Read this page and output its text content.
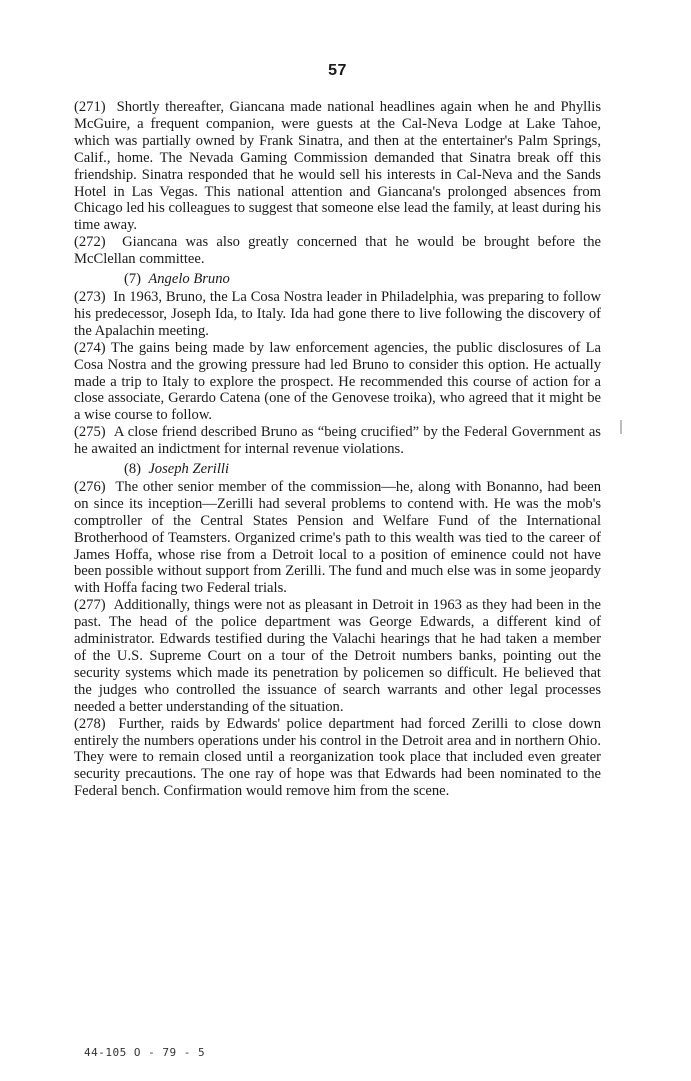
57

(271) Shortly thereafter, Giancana made national headlines again when he and Phyllis McGuire, a frequent companion, were guests at the Cal-Neva Lodge at Lake Tahoe, which was partially owned by Frank Sinatra, and then at the entertainer's Palm Springs, Calif., home. The Nevada Gaming Commission demanded that Sinatra break off this friendship. Sinatra responded that he would sell his interests in Cal-Neva and the Sands Hotel in Las Vegas. This national attention and Giancana's prolonged absences from Chicago led his colleagues to suggest that someone else lead the family, at least during his time away.

(272) Giancana was also greatly concerned that he would be brought before the McClellan committee.

(7) Angelo Bruno

(273) In 1963, Bruno, the La Cosa Nostra leader in Philadelphia, was preparing to follow his predecessor, Joseph Ida, to Italy. Ida had gone there to live following the discovery of the Apalachin meeting.

(274) The gains being made by law enforcement agencies, the public disclosures of La Cosa Nostra and the growing pressure had led Bruno to consider this option. He actually made a trip to Italy to explore the prospect. He recommended this course of action for a close associate, Gerardo Catena (one of the Genovese troika), who agreed that it might be a wise course to follow.

(275) A close friend described Bruno as “being crucified” by the Federal Government as he awaited an indictment for internal revenue violations.

(8) Joseph Zerilli

(276) The other senior member of the commission—he, along with Bonanno, had been on since its inception—Zerilli had several problems to contend with. He was the mob's comptroller of the Central States Pension and Welfare Fund of the International Brotherhood of Teamsters. Organized crime's path to this wealth was tied to the career of James Hoffa, whose rise from a Detroit local to a position of eminence could not have been possible without support from Zerilli. The fund and much else was in some jeopardy with Hoffa facing two Federal trials.

(277) Additionally, things were not as pleasant in Detroit in 1963 as they had been in the past. The head of the police department was George Edwards, a different kind of administrator. Edwards testified during the Valachi hearings that he had taken a member of the U.S. Supreme Court on a tour of the Detroit numbers banks, pointing out the security systems which made its penetration by policemen so difficult. He believed that the judges who controlled the issuance of search warrants and other legal processes needed a better understanding of the situation.

(278) Further, raids by Edwards' police department had forced Zerilli to close down entirely the numbers operations under his control in the Detroit area and in northern Ohio. They were to remain closed until a reorganization took place that included even greater security precautions. The one ray of hope was that Edwards had been nominated to the Federal bench. Confirmation would remove him from the scene.

44-105 O - 79 - 5
